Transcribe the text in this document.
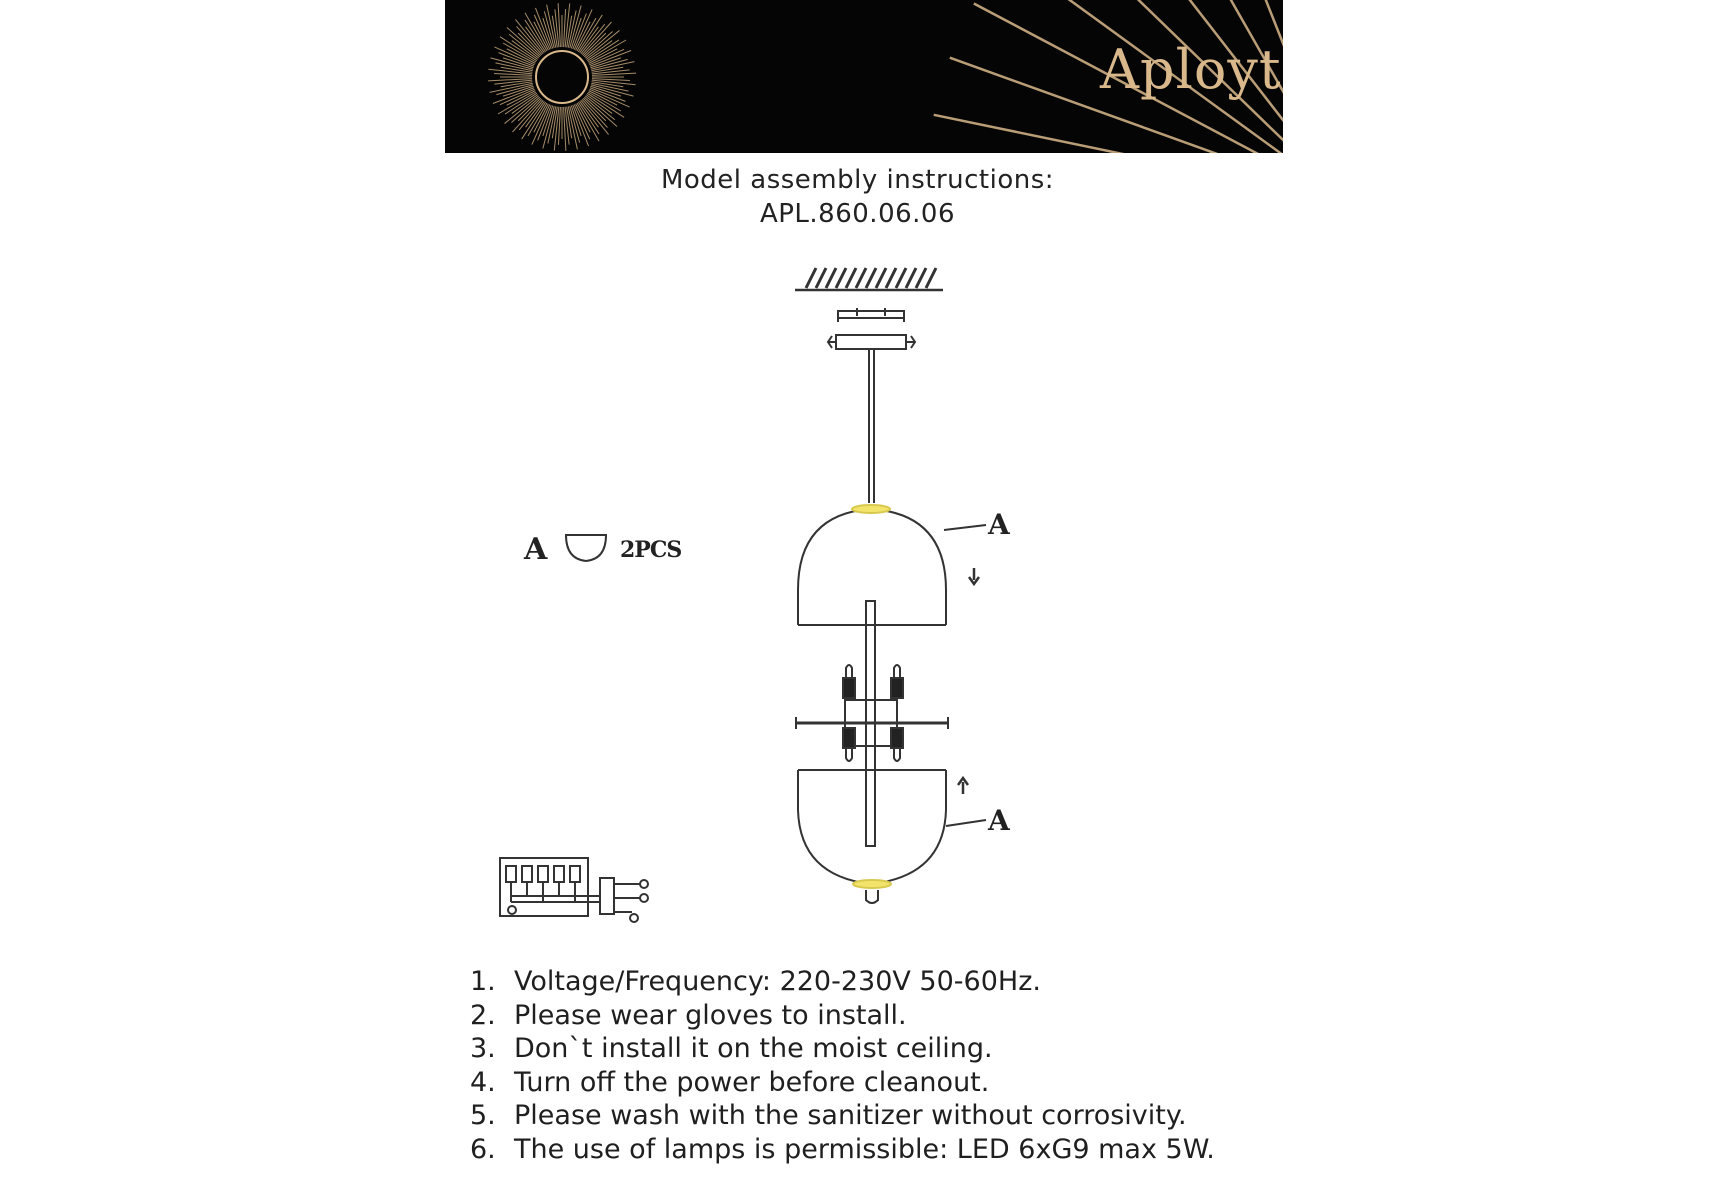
Aployt
Model assembly instructions:
APL.860.06.06
A	2PCS
A
A
1. Voltage/Frequency: 220-230V 50-60Hz.
2. Please wear gloves to install.
3. Don`t install it on the moist ceiling.
4. Turn off the power before cleanout.
5. Please wash with the sanitizer without corrosivity.
6. The use of lamps is permissible: LED 6xG9 max 5W.
